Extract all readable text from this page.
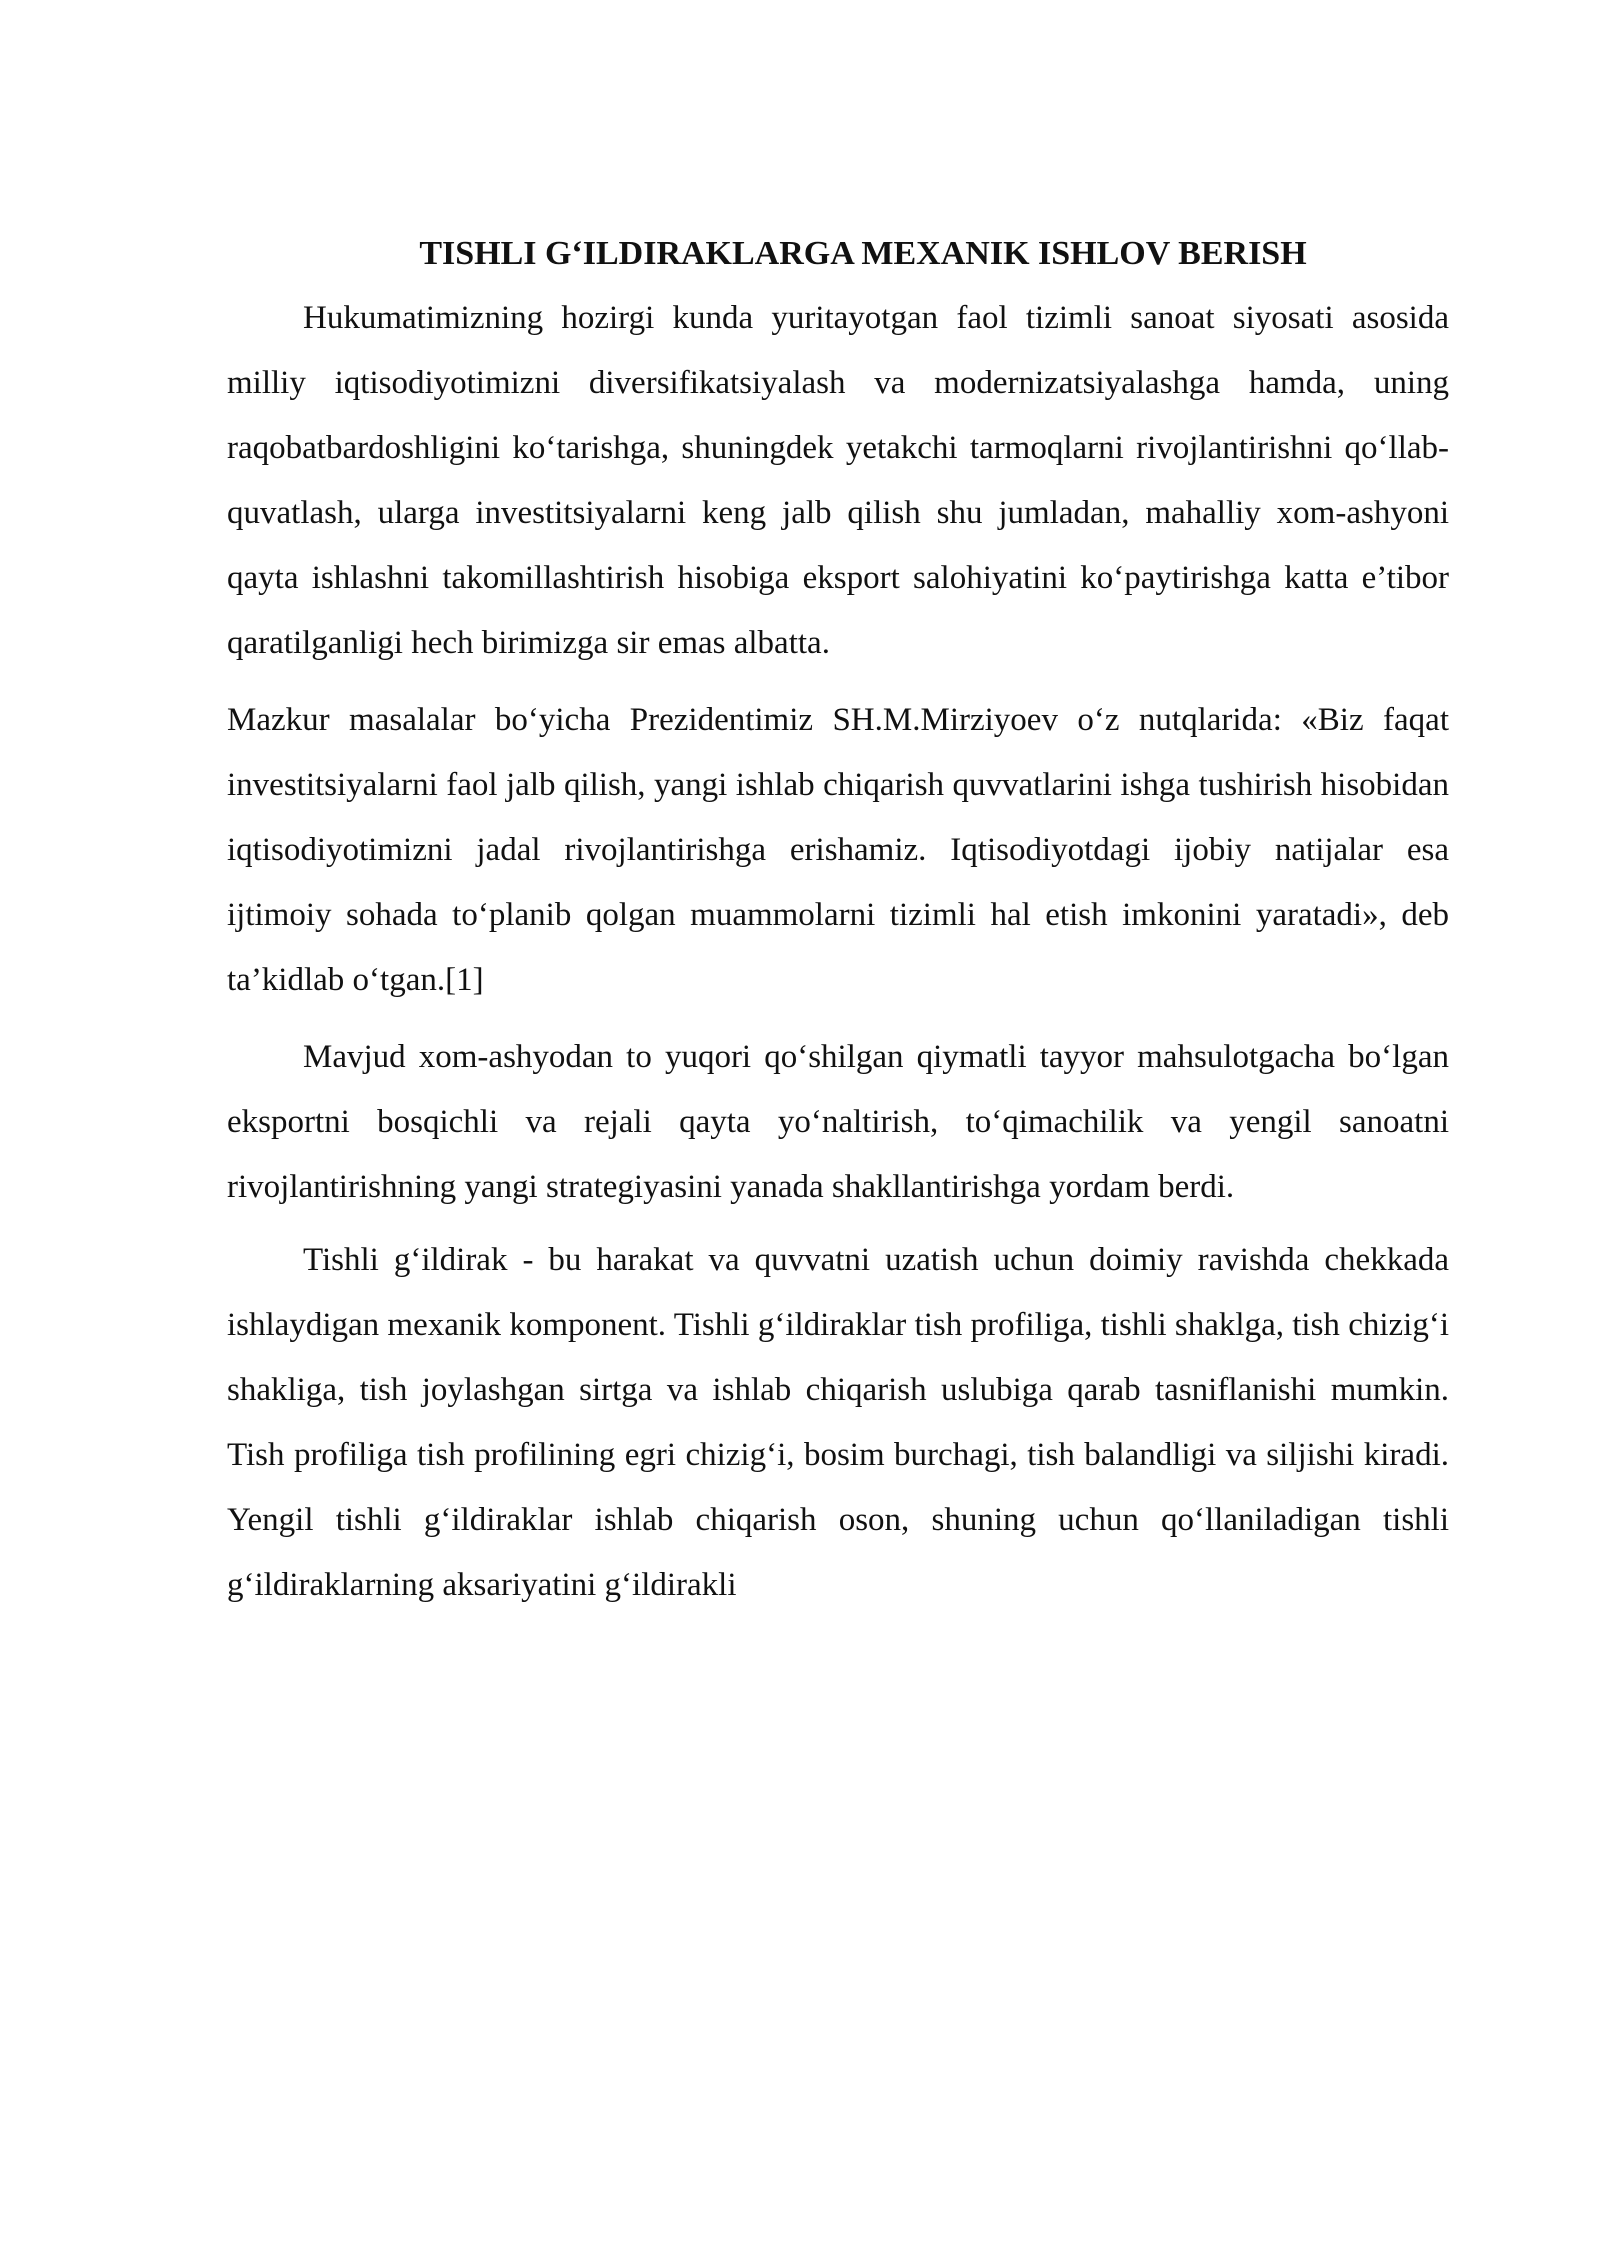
TISHLI G‘ILDIRAKLARGA MEXANIK ISHLOV BERISH

Hukumatimizning hozirgi kunda yuritayotgan faol tizimli sanoat siyosati asosida milliy iqtisodiyotimizni diversifikatsiyalash va modernizatsiyalashga hamda, uning raqobatbardoshligini ko‘tarishga, shuningdek yetakchi tarmoqlarni rivojlantirishni qo‘llab-quvatlash, ularga investitsiyalarni keng jalb qilish shu jumladan, mahalliy xom-ashyoni qayta ishlashni takomillashtirish hisobiga eksport salohiyatini ko‘paytirishga katta e’tibor qaratilganligi hech birimizga sir emas albatta.

Mazkur masalalar bo‘yicha Prezidentimiz SH.M.Mirziyoev o‘z nutqlarida: «Biz faqat investitsiyalarni faol jalb qilish, yangi ishlab chiqarish quvvatlarini ishga tushirish hisobidan iqtisodiyotimizni jadal rivojlantirishga erishamiz. Iqtisodiyotdagi ijobiy natijalar esa ijtimoiy sohada to‘planib qolgan muammolarni tizimli hal etish imkonini yaratadi», deb ta’kidlab o‘tgan.[1]

Mavjud xom-ashyodan to yuqori qo‘shilgan qiymatli tayyor mahsulotgacha bo‘lgan eksportni bosqichli va rejali qayta yo‘naltirish, to‘qimachilik va yengil sanoatni rivojlantirishning yangi strategiyasini yanada shakllantirishga yordam berdi.

Tishli g‘ildirak - bu harakat va quvvatni uzatish uchun doimiy ravishda chekkada ishlaydigan mexanik komponent. Tishli g‘ildiraklar tish profiliga, tishli shaklga, tish chizig‘i shakliga, tish joylashgan sirtga va ishlab chiqarish uslubiga qarab tasniflanishi mumkin. Tish profiliga tish profilining egri chizig‘i, bosim burchagi, tish balandligi va siljishi kiradi. Yengil tishli g‘ildiraklar ishlab chiqarish oson, shuning uchun qo‘llaniladigan tishli g‘ildiraklarning aksariyatini g‘ildirakli
